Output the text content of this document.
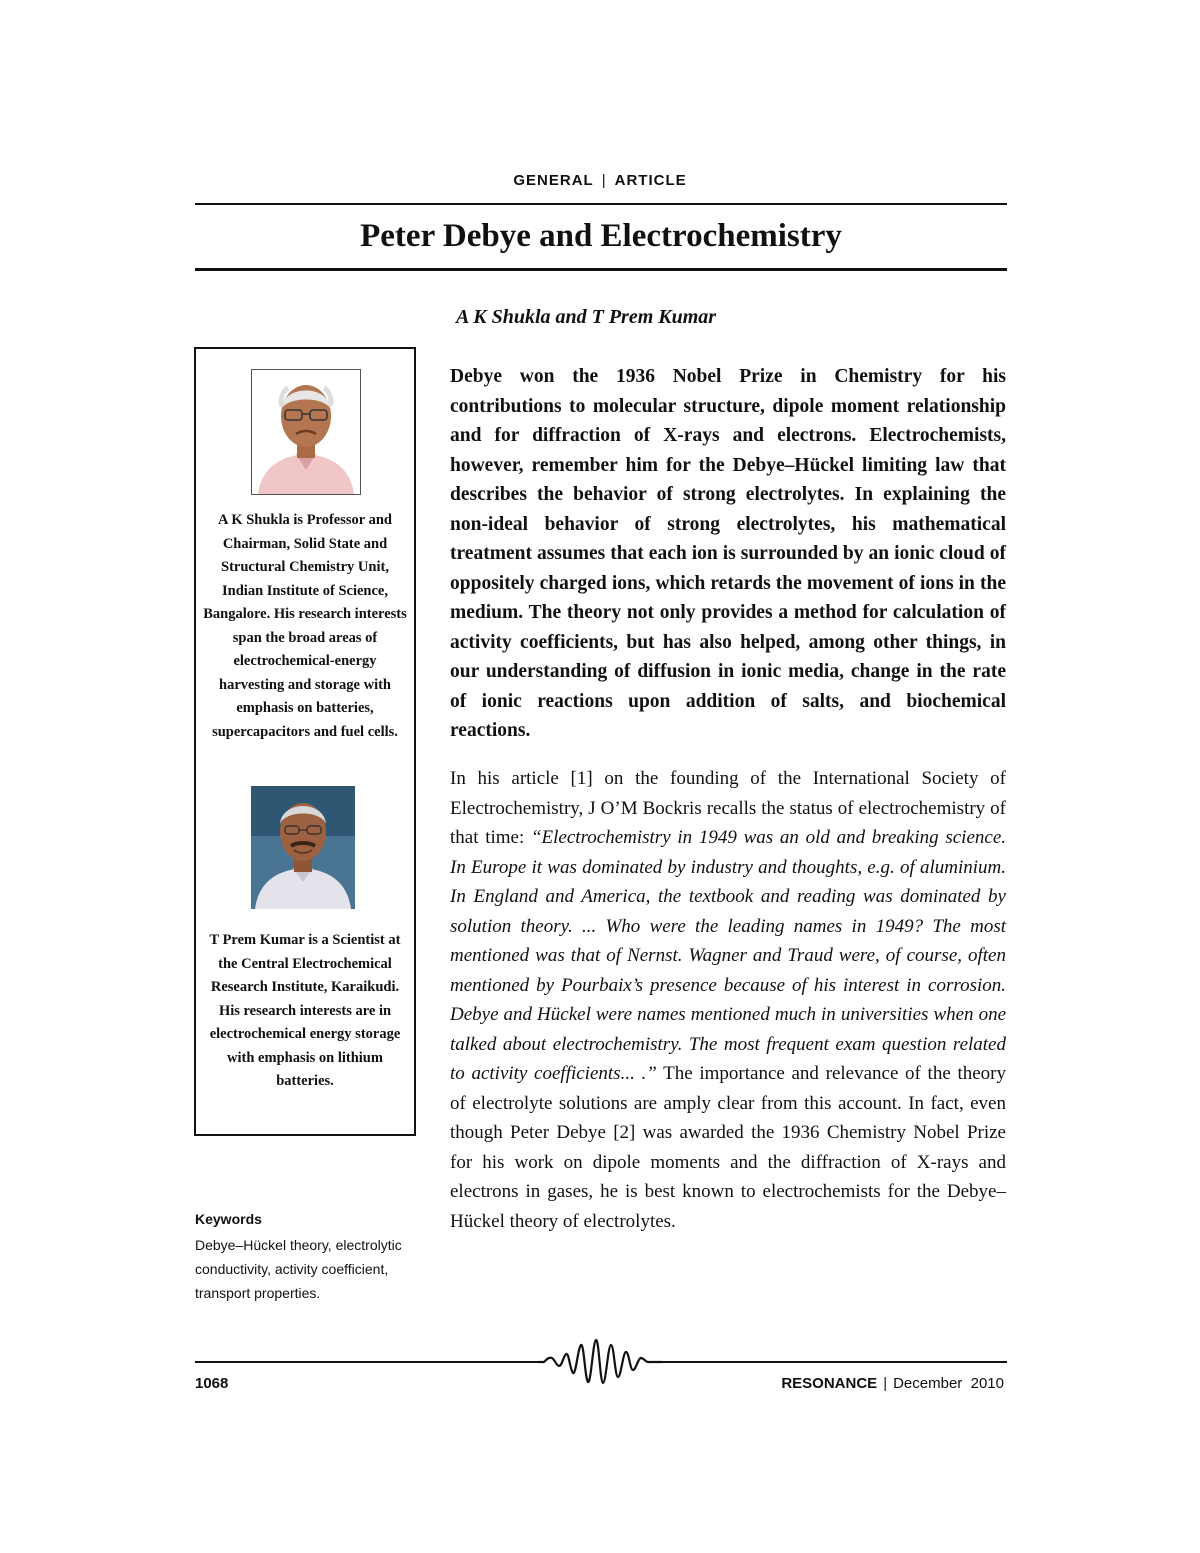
GENERAL | ARTICLE
Peter Debye and Electrochemistry
A K Shukla and T Prem Kumar
A K Shukla is Professor and Chairman, Solid State and Structural Chemistry Unit, Indian Institute of Science, Bangalore. His research interests span the broad areas of electrochemical-energy harvesting and storage with emphasis on batteries, supercapacitors and fuel cells.
T Prem Kumar is a Scientist at the Central Electrochemical Research Institute, Karaikudi. His research interests are in electrochemical energy storage with emphasis on lithium batteries.
Keywords
Debye–Hückel theory, electrolytic conductivity, activity coefficient, transport properties.
Debye won the 1936 Nobel Prize in Chemistry for his contributions to molecular structure, dipole moment relationship and for diffraction of X-rays and electrons. Electrochemists, however, remember him for the Debye–Hückel limiting law that describes the behavior of strong electrolytes. In explaining the non-ideal behavior of strong electrolytes, his mathematical treatment assumes that each ion is surrounded by an ionic cloud of oppositely charged ions, which retards the movement of ions in the medium. The theory not only provides a method for calculation of activity coefficients, but has also helped, among other things, in our understanding of diffusion in ionic media, change in the rate of ionic reactions upon addition of salts, and biochemical reactions.
In his article [1] on the founding of the International Society of Electrochemistry, J O’M Bockris recalls the status of electrochemistry of that time: “Electrochemistry in 1949 was an old and breaking science. In Europe it was dominated by industry and thoughts, e.g. of aluminium. In England and America, the textbook and reading was dominated by solution theory. ... Who were the leading names in 1949? The most mentioned was that of Nernst. Wagner and Traud were, of course, often mentioned by Pourbaix’s presence because of his interest in corrosion. Debye and Hückel were names mentioned much in universities when one talked about electrochemistry. The most frequent exam question related to activity coefficients... .” The importance and relevance of the theory of electrolyte solutions are amply clear from this account. In fact, even though Peter Debye [2] was awarded the 1936 Chemistry Nobel Prize for his work on dipole moments and the diffraction of X-rays and electrons in gases, he is best known to electrochemists for the Debye–Hückel theory of electrolytes.
1068	RESONANCE | December  2010
